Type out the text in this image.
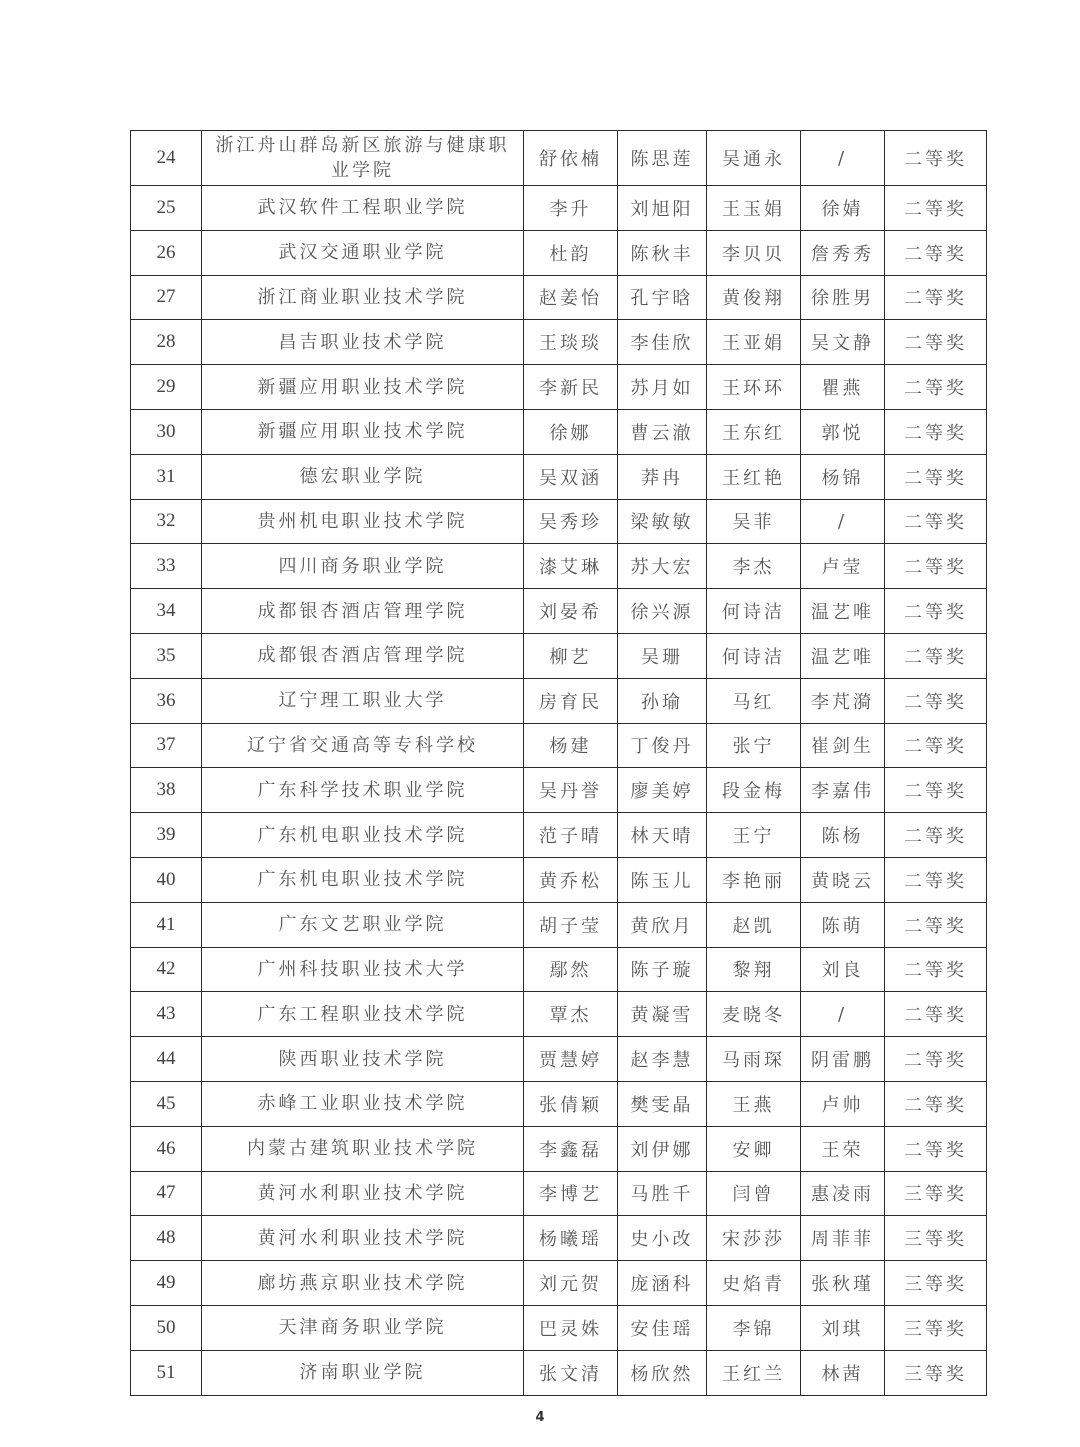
24	浙江舟山群岛新区旅游与健康职业学院	舒依楠	陈思莲	吴通永	/	二等奖
25	武汉软件工程职业学院	李升	刘旭阳	王玉娟	徐婧	二等奖
26	武汉交通职业学院	杜韵	陈秋丰	李贝贝	詹秀秀	二等奖
27	浙江商业职业技术学院	赵姜怡	孔宇晗	黄俊翔	徐胜男	二等奖
28	昌吉职业技术学院	王琰琰	李佳欣	王亚娟	吴文静	二等奖
29	新疆应用职业技术学院	李新民	苏月如	王环环	瞿燕	二等奖
30	新疆应用职业技术学院	徐娜	曹云澈	王东红	郭悦	二等奖
31	德宏职业学院	吴双涵	莽冉	王红艳	杨锦	二等奖
32	贵州机电职业技术学院	吴秀珍	梁敏敏	吴菲	/	二等奖
33	四川商务职业学院	漆艾琳	苏大宏	李杰	卢莹	二等奖
34	成都银杏酒店管理学院	刘晏希	徐兴源	何诗洁	温艺唯	二等奖
35	成都银杏酒店管理学院	柳艺	吴珊	何诗洁	温艺唯	二等奖
36	辽宁理工职业大学	房育民	孙瑜	马红	李芃漪	二等奖
37	辽宁省交通高等专科学校	杨建	丁俊丹	张宁	崔剑生	二等奖
38	广东科学技术职业学院	吴丹誉	廖美婷	段金梅	李嘉伟	二等奖
39	广东机电职业技术学院	范子晴	林天晴	王宁	陈杨	二等奖
40	广东机电职业技术学院	黄乔松	陈玉儿	李艳丽	黄晓云	二等奖
41	广东文艺职业学院	胡子莹	黄欣月	赵凯	陈萌	二等奖
42	广州科技职业技术大学	鄢然	陈子璇	黎翔	刘良	二等奖
43	广东工程职业技术学院	覃杰	黄凝雪	麦晓冬	/	二等奖
44	陕西职业技术学院	贾慧婷	赵李慧	马雨琛	阴雷鹏	二等奖
45	赤峰工业职业技术学院	张倩颖	樊雯晶	王燕	卢帅	二等奖
46	内蒙古建筑职业技术学院	李鑫磊	刘伊娜	安卿	王荣	二等奖
47	黄河水利职业技术学院	李博艺	马胜千	闫曾	惠凌雨	三等奖
48	黄河水利职业技术学院	杨曦瑶	史小改	宋莎莎	周菲菲	三等奖
49	廊坊燕京职业技术学院	刘元贺	庞涵科	史焰青	张秋瑾	三等奖
50	天津商务职业学院	巴灵姝	安佳瑶	李锦	刘琪	三等奖
51	济南职业学院	张文清	杨欣然	王红兰	林茜	三等奖
4
